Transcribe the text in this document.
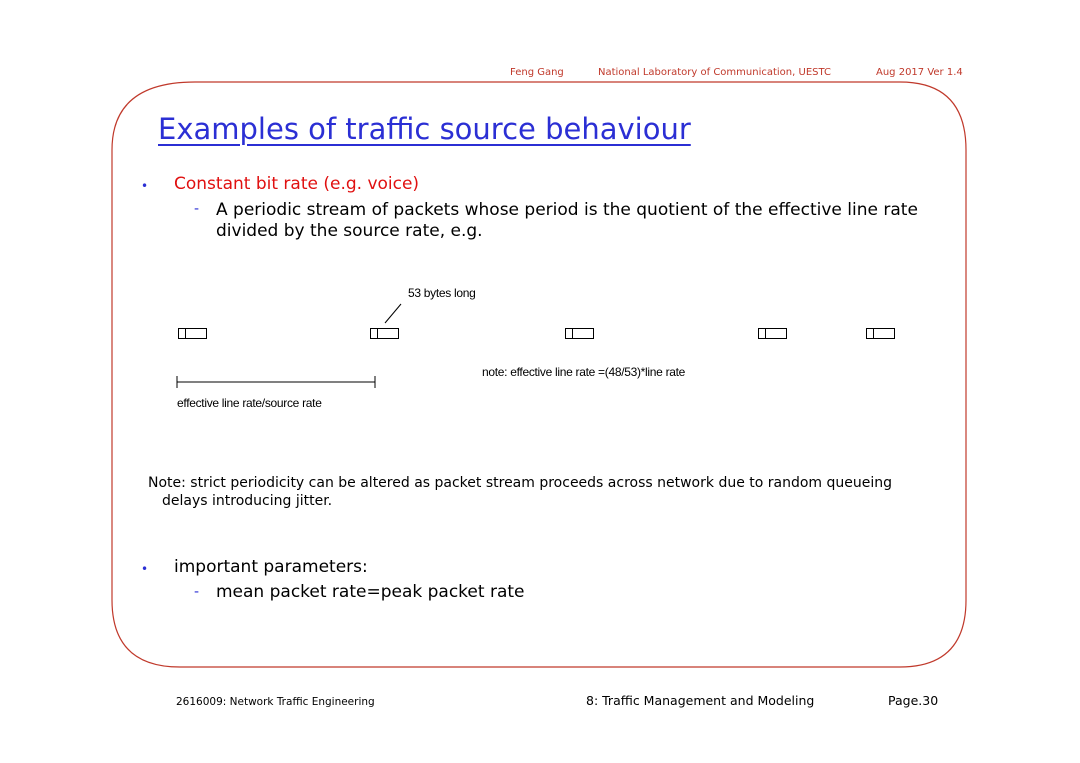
Feng Gang	National Laboratory of Communication, UESTC	Aug 2017 Ver 1.4
Examples of traffic source behaviour
• Constant bit rate (e.g. voice)
- A periodic stream of packets whose period is the quotient of the effective line rate divided by the source rate, e.g.
53 bytes long
effective line rate/source rate
note: effective line rate =(48/53)*line rate
Note: strict periodicity can be altered as packet stream proceeds across network due to random queueing delays introducing jitter.
• important parameters:
- mean packet rate=peak packet rate
2616009: Network Traffic Engineering	8: Traffic Management and Modeling	Page.30
